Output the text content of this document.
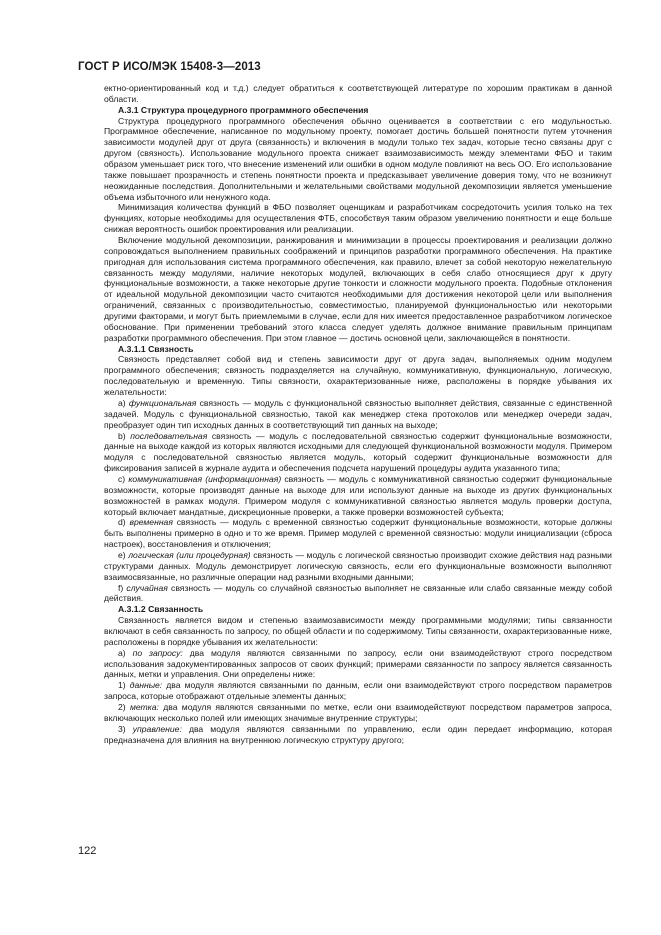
ГОСТ Р ИСО/МЭК 15408-3—2013

ектно-ориентированный код и т.д.) следует обратиться к соответствующей литературе по хорошим практикам в данной области.

А.3.1 Структура процедурного программного обеспечения

Структура процедурного программного обеспечения обычно оценивается в соответствии с его модульностью. Программное обеспечение, написанное по модульному проекту, помогает достичь большей понятности путем уточнения зависимости модулей друг от друга (связанность) и включения в модули только тех задач, которые тесно связаны друг с другом (связность). Использование модульного проекта снижает взаимозависимость между элементами ФБО и таким образом уменьшает риск того, что внесение изменений или ошибки в одном модуле повлияют на весь ОО. Его использование также повышает прозрачность и степень понятности проекта и предсказывает увеличение доверия тому, что не возникнут неожиданные последствия. Дополнительными и желательными свойствами модульной декомпозиции является уменьшение объема избыточного или ненужного кода.

Минимизация количества функций в ФБО позволяет оценщикам и разработчикам сосредоточить усилия только на тех функциях, которые необходимы для осуществления ФТБ, способствуя таким образом увеличению понятности и еще больше снижая вероятность ошибок проектирования или реализации.

Включение модульной декомпозиции, ранжирования и минимизации в процессы проектирования и реализации должно сопровождаться выполнением правильных соображений и принципов разработки программного обеспечения. На практике пригодная для использования система программного обеспечения, как правило, влечет за собой некоторую нежелательную связанность между модулями, наличие некоторых модулей, включающих в себя слабо относящиеся друг к другу функциональные возможности, а также некоторые другие тонкости и сложности модульного проекта. Подобные отклонения от идеальной модульной декомпозиции часто считаются необходимыми для достижения некоторой цели или выполнения ограничений, связанных с производительностью, совместимостью, планируемой функциональностью или некоторыми другими факторами, и могут быть приемлемыми в случае, если для них имеется предоставленное разработчиком логическое обоснование. При применении требований этого класса следует уделять должное внимание правильным принципам разработки программного обеспечения. При этом главное — достичь основной цели, заключающейся в понятности.

А.3.1.1 Связность

Связность представляет собой вид и степень зависимости друг от друга задач, выполняемых одним модулем программного обеспечения; связность подразделяется на случайную, коммуникативную, функциональную, логическую, последовательную и временную. Типы связности, охарактеризованные ниже, расположены в порядке убывания их желательности:

а) функциональная связность — модуль с функциональной связностью выполняет действия, связанные с единственной задачей. Модуль с функциональной связностью, такой как менеджер стека протоколов или менеджер очереди задач, преобразует один тип исходных данных в соответствующий тип данных на выходе;

b) последовательная связность — модуль с последовательной связностью содержит функциональные возможности, данные на выходе каждой из которых являются исходными для следующей функциональной возможности модуля. Примером модуля с последовательной связностью является модуль, который содержит функциональные возможности для фиксирования записей в журнале аудита и обеспечения подсчета нарушений процедуры аудита указанного типа;

с) коммуникативная (информационная) связность — модуль с коммуникативной связностью содержит функциональные возможности, которые производят данные на выходе для или используют данные на выходе из других функциональных возможностей в рамках модуля. Примером модуля с коммуникативной связностью является модуль проверки доступа, который включает мандатные, дискреционные проверки, а также проверки возможностей субъекта;

d) временная связность — модуль с временной связностью содержит функциональные возможности, которые должны быть выполнены примерно в одно и то же время. Пример модулей с временной связностью: модули инициализации (сброса настроек), восстановления и отключения;

е) логическая (или процедурная) связность — модуль с логической связностью производит схожие действия над разными структурами данных. Модуль демонстрирует логическую связность, если его функциональные возможности выполняют взаимосвязанные, но различные операции над разными входными данными;

f) случайная связность — модуль со случайной связностью выполняет не связанные или слабо связанные между собой действия.

А.3.1.2 Связанность

Связанность является видом и степенью взаимозависимости между программными модулями; типы связанности включают в себя связанность по запросу, по общей области и по содержимому. Типы связанности, охарактеризованные ниже, расположены в порядке убывания их желательности:

а) по запросу: два модуля являются связанными по запросу, если они взаимодействуют строго посредством использования задокументированных запросов от своих функций; примерами связанности по запросу является связанность данных, метки и управления. Они определены ниже:

1) данные: два модуля являются связанными по данным, если они взаимодействуют строго посредством параметров запроса, которые отображают отдельные элементы данных;

2) метка: два модуля являются связанными по метке, если они взаимодействуют посредством параметров запроса, включающих несколько полей или имеющих значимые внутренние структуры;

3) управление: два модуля являются связанными по управлению, если один передает информацию, которая предназначена для влияния на внутреннюю логическую структуру другого;

122
